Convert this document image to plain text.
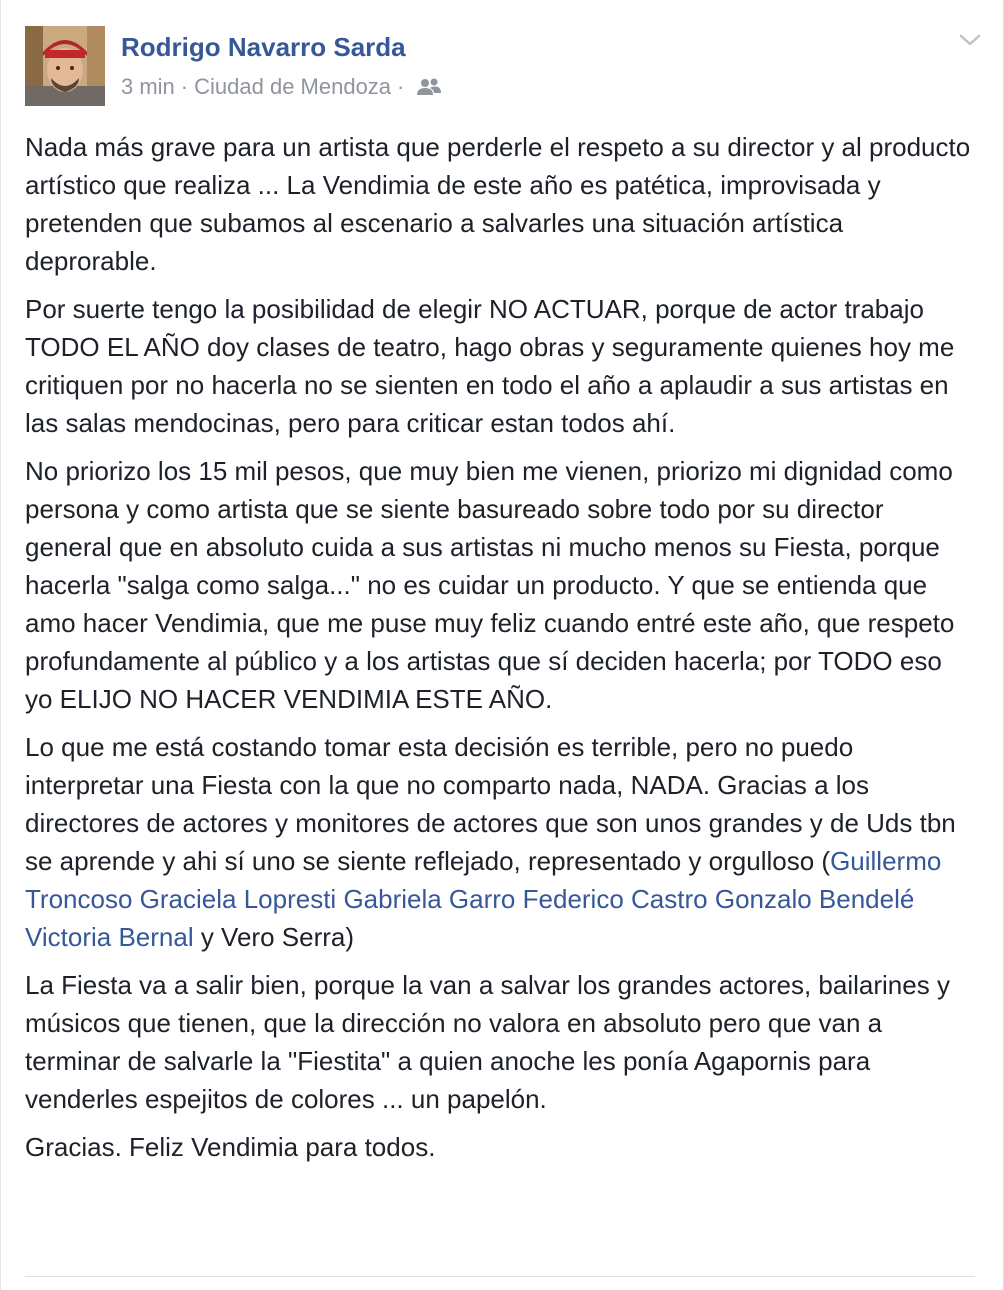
Rodrigo Navarro Sarda
3 min · Ciudad de Mendoza ·

Nada más grave para un artista que perderle el respeto a su director y al producto artístico que realiza ... La Vendimia de este año es patética, improvisada y pretenden que subamos al escenario a salvarles una situación artística deprorable.

Por suerte tengo la posibilidad de elegir NO ACTUAR, porque de actor trabajo TODO EL AÑO doy clases de teatro, hago obras y seguramente quienes hoy me critiquen por no hacerla no se sienten en todo el año a aplaudir a sus artistas en las salas mendocinas, pero para criticar estan todos ahí.

No priorizo los 15 mil pesos, que muy bien me vienen, priorizo mi dignidad como persona y como artista que se siente basureado sobre todo por su director general que en absoluto cuida a sus artistas ni mucho menos su Fiesta, porque hacerla "salga como salga..." no es cuidar un producto. Y que se entienda que amo hacer Vendimia, que me puse muy feliz cuando entré este año, que respeto profundamente al público y a los artistas que sí deciden hacerla; por TODO eso yo ELIJO NO HACER VENDIMIA ESTE AÑO.

Lo que me está costando tomar esta decisión es terrible, pero no puedo interpretar una Fiesta con la que no comparto nada, NADA. Gracias a los directores de actores y monitores de actores que son unos grandes y de Uds tbn se aprende y ahi sí uno se siente reflejado, representado y orgulloso (Guillermo Troncoso Graciela Lopresti Gabriela Garro Federico Castro Gonzalo Bendelé Victoria Bernal y Vero Serra)

La Fiesta va a salir bien, porque la van a salvar los grandes actores, bailarines y músicos que tienen, que la dirección no valora en absoluto pero que van a terminar de salvarle la "Fiestita" a quien anoche les ponía Agapornis para venderles espejitos de colores ... un papelón.

Gracias. Feliz Vendimia para todos.
